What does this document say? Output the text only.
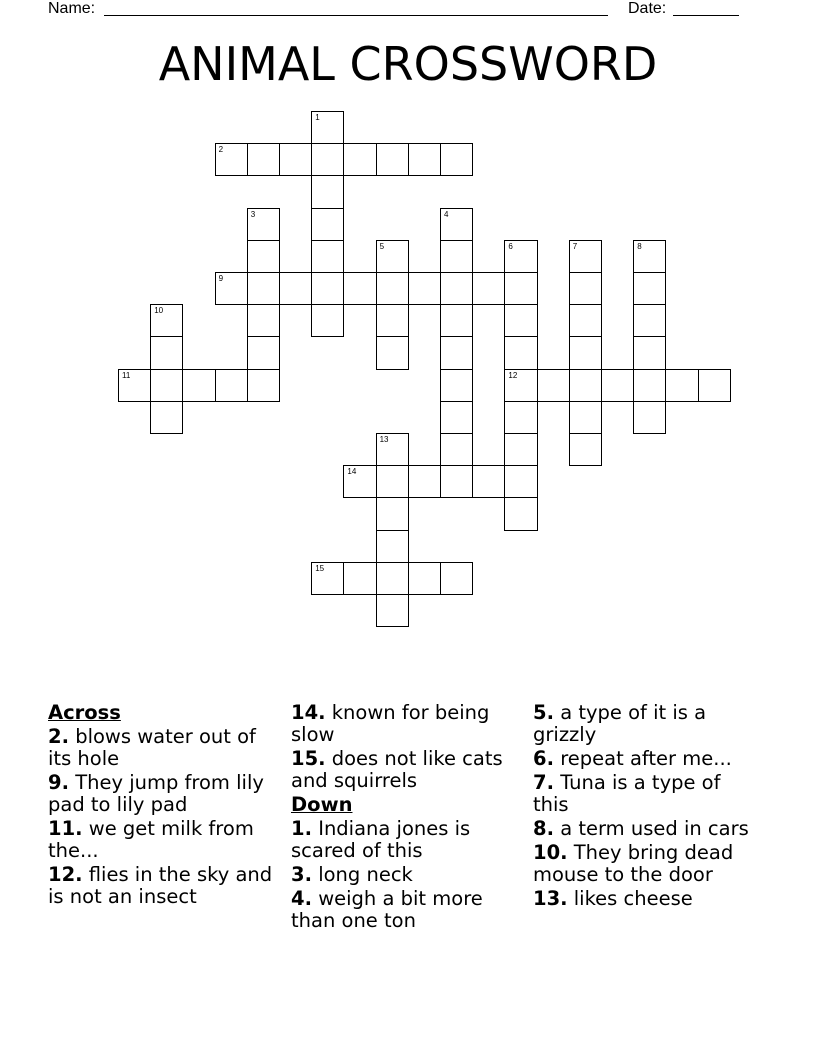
Name:	Date:
ANIMAL CROSSWORD
2
9
11	12
14
15
1
3	4
5	6	7	8
10
13
Across
2. blows water out of its hole
9. They jump from lily pad to lily pad
11. we get milk from the...
12. flies in the sky and is not an insect
14. known for being slow
15. does not like cats and squirrels
Down
1. Indiana jones is scared of this
3. long neck
4. weigh a bit more than one ton
5. a type of it is a grizzly
6. repeat after me...
7. Tuna is a type of this
8. a term used in cars
10. They bring dead mouse to the door
13. likes cheese
